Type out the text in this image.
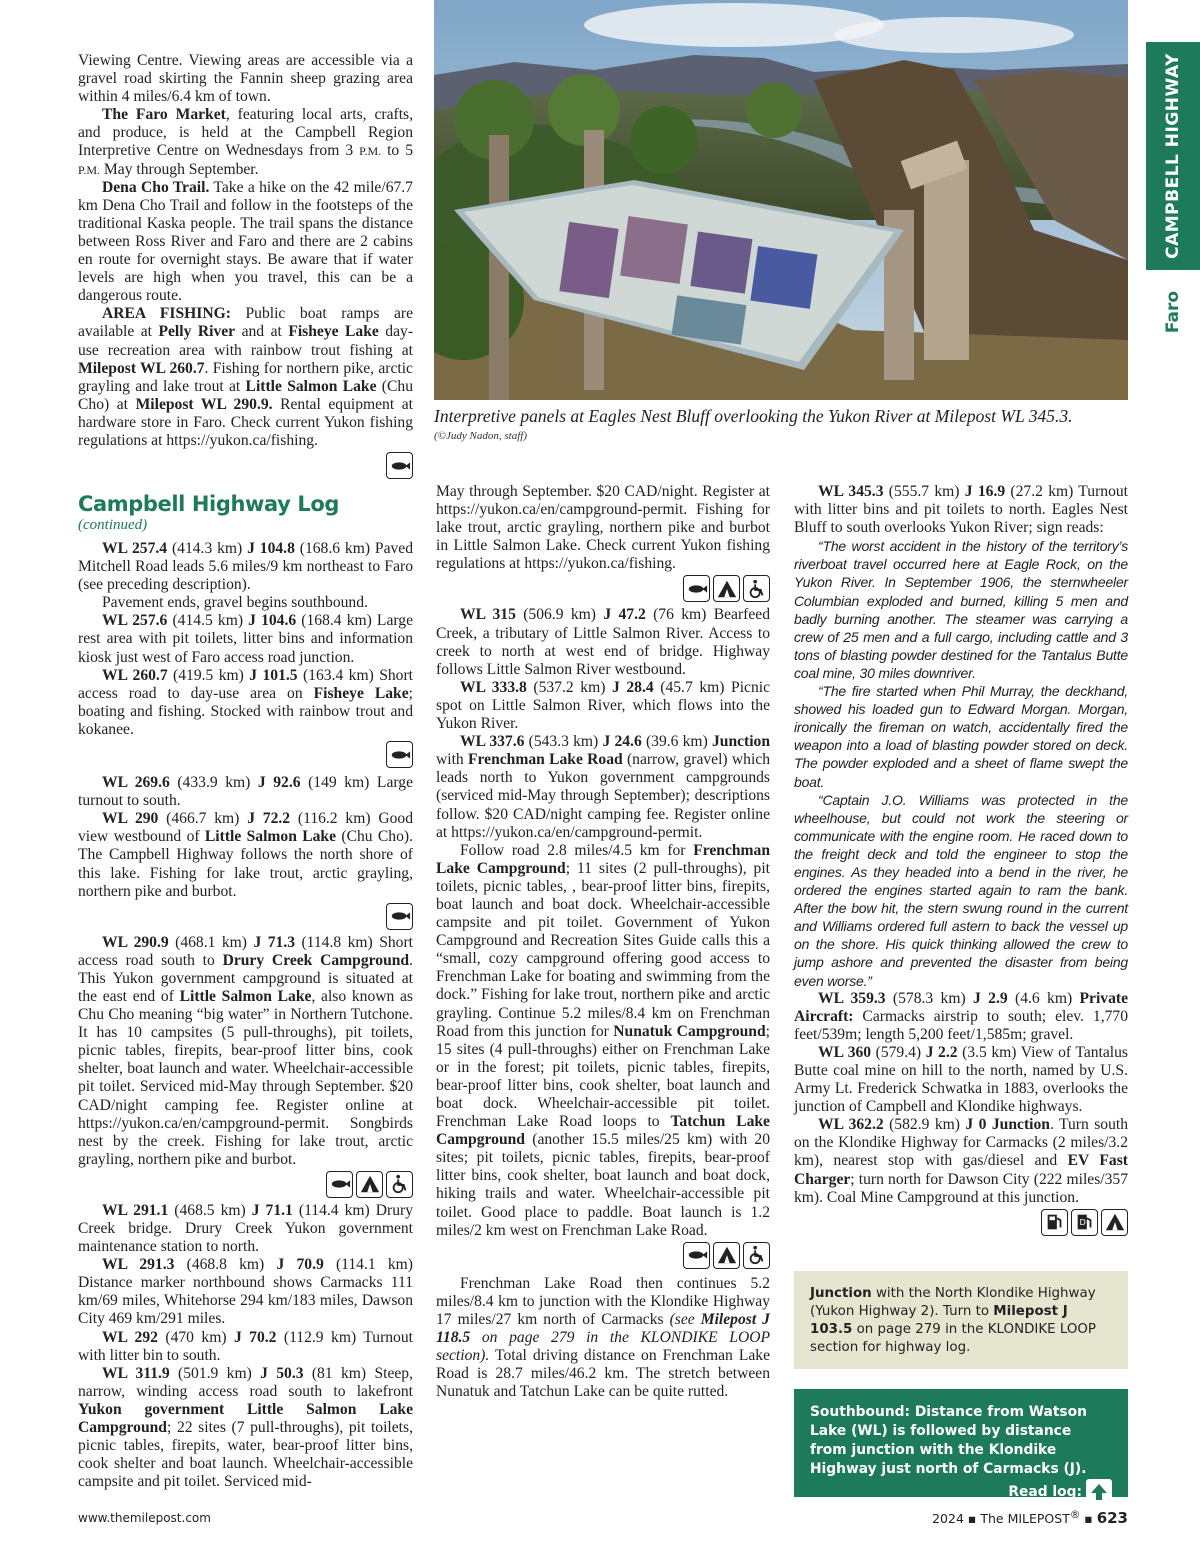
CAMPBELL HIGHWAY
Faro
Interpretive panels at Eagles Nest Bluff overlooking the Yukon River at Milepost WL 345.3.
(©Judy Nadon, staff)

Viewing Centre. Viewing areas are accessible via a gravel road skirting the Fannin sheep grazing area within 4 miles/6.4 km of town.

The Faro Market, featuring local arts, crafts, and produce, is held at the Campbell Region Interpretive Centre on Wednesdays from 3 P.M. to 5 P.M. May through September.

Dena Cho Trail. Take a hike on the 42 mile/67.7 km Dena Cho Trail and follow in the footsteps of the traditional Kaska people. The trail spans the distance between Ross River and Faro and there are 2 cabins en route for overnight stays. Be aware that if water levels are high when you travel, this can be a dangerous route.

AREA FISHING: Public boat ramps are available at Pelly River and at Fisheye Lake day-use recreation area with rainbow trout fishing at Milepost WL 260.7. Fishing for northern pike, arctic grayling and lake trout at Little Salmon Lake (Chu Cho) at Milepost WL 290.9. Rental equipment at hardware store in Faro. Check current Yukon fishing regulations at https://yukon.ca/fishing.

Campbell Highway Log
(continued)

WL 257.4 (414.3 km) J 104.8 (168.6 km) Paved Mitchell Road leads 5.6 miles/9 km northeast to Faro (see preceding description).

Pavement ends, gravel begins southbound.

WL 257.6 (414.5 km) J 104.6 (168.4 km) Large rest area with pit toilets, litter bins and information kiosk just west of Faro access road junction.

WL 260.7 (419.5 km) J 101.5 (163.4 km) Short access road to day-use area on Fisheye Lake; boating and fishing. Stocked with rainbow trout and kokanee.

WL 269.6 (433.9 km) J 92.6 (149 km) Large turnout to south.

WL 290 (466.7 km) J 72.2 (116.2 km) Good view westbound of Little Salmon Lake (Chu Cho). The Campbell Highway follows the north shore of this lake. Fishing for lake trout, arctic grayling, northern pike and burbot.

WL 290.9 (468.1 km) J 71.3 (114.8 km) Short access road south to Drury Creek Campground. This Yukon government campground is situated at the east end of Little Salmon Lake, also known as Chu Cho meaning “big water” in Northern Tutchone. It has 10 campsites (5 pull-throughs), pit toilets, picnic tables, firepits, bear-proof litter bins, cook shelter, boat launch and water. Wheelchair-accessible pit toilet. Serviced mid-May through September. $20 CAD/night camping fee. Register online at https://yukon.ca/en/campground-permit. Songbirds nest by the creek. Fishing for lake trout, arctic grayling, northern pike and burbot.

WL 291.1 (468.5 km) J 71.1 (114.4 km) Drury Creek bridge. Drury Creek Yukon government maintenance station to north.

WL 291.3 (468.8 km) J 70.9 (114.1 km) Distance marker northbound shows Carmacks 111 km/69 miles, Whitehorse 294 km/183 miles, Dawson City 469 km/291 miles.

WL 292 (470 km) J 70.2 (112.9 km) Turnout with litter bin to south.

WL 311.9 (501.9 km) J 50.3 (81 km) Steep, narrow, winding access road south to lakefront Yukon government Little Salmon Lake Campground; 22 sites (7 pull-throughs), pit toilets, picnic tables, firepits, water, bear-proof litter bins, cook shelter and boat launch. Wheelchair-accessible campsite and pit toilet. Serviced mid-

May through September. $20 CAD/night. Register at https://yukon.ca/en/campground-permit. Fishing for lake trout, arctic grayling, northern pike and burbot in Little Salmon Lake. Check current Yukon fishing regulations at https://yukon.ca/fishing.

WL 315 (506.9 km) J 47.2 (76 km) Bearfeed Creek, a tributary of Little Salmon River. Access to creek to north at west end of bridge. Highway follows Little Salmon River westbound.

WL 333.8 (537.2 km) J 28.4 (45.7 km) Picnic spot on Little Salmon River, which flows into the Yukon River.

WL 337.6 (543.3 km) J 24.6 (39.6 km) Junction with Frenchman Lake Road (narrow, gravel) which leads north to Yukon government campgrounds (serviced mid-May through September); descriptions follow. $20 CAD/night camping fee. Register online at https://yukon.ca/en/campground-permit.

Follow road 2.8 miles/4.5 km for Frenchman Lake Campground; 11 sites (2 pull-throughs), pit toilets, picnic tables, , bear-proof litter bins, firepits, boat launch and boat dock. Wheelchair-accessible campsite and pit toilet. Government of Yukon Campground and Recreation Sites Guide calls this a “small, cozy campground offering good access to Frenchman Lake for boating and swimming from the dock.” Fishing for lake trout, northern pike and arctic grayling. Continue 5.2 miles/8.4 km on Frenchman Road from this junction for Nunatuk Campground; 15 sites (4 pull-throughs) either on Frenchman Lake or in the forest; pit toilets, picnic tables, firepits, bear-proof litter bins, cook shelter, boat launch and boat dock. Wheelchair-accessible pit toilet. Frenchman Lake Road loops to Tatchun Lake Campground (another 15.5 miles/25 km) with 20 sites; pit toilets, picnic tables, firepits, bear-proof litter bins, cook shelter, boat launch and boat dock, hiking trails and water. Wheelchair-accessible pit toilet. Good place to paddle. Boat launch is 1.2 miles/2 km west on Frenchman Lake Road.

Frenchman Lake Road then continues 5.2 miles/8.4 km to junction with the Klondike Highway 17 miles/27 km north of Carmacks (see Milepost J 118.5 on page 279 in the KLONDIKE LOOP section). Total driving distance on Frenchman Lake Road is 28.7 miles/46.2 km. The stretch between Nunatuk and Tatchun Lake can be quite rutted.

WL 345.3 (555.7 km) J 16.9 (27.2 km) Turnout with litter bins and pit toilets to north. Eagles Nest Bluff to south overlooks Yukon River; sign reads:

“The worst accident in the history of the territory’s riverboat travel occurred here at Eagle Rock, on the Yukon River. In September 1906, the sternwheeler Columbian exploded and burned, killing 5 men and badly burning another. The steamer was carrying a crew of 25 men and a full cargo, including cattle and 3 tons of blasting powder destined for the Tantalus Butte coal mine, 30 miles downriver.

“The fire started when Phil Murray, the deckhand, showed his loaded gun to Edward Morgan. Morgan, ironically the fireman on watch, accidentally fired the weapon into a load of blasting powder stored on deck. The powder exploded and a sheet of flame swept the boat.

“Captain J.O. Williams was protected in the wheelhouse, but could not work the steering or communicate with the engine room. He raced down to the freight deck and told the engineer to stop the engines. As they headed into a bend in the river, he ordered the engines started again to ram the bank. After the bow hit, the stern swung round in the current and Williams ordered full astern to back the vessel up on the shore. His quick thinking allowed the crew to jump ashore and prevented the disaster from being even worse.”

WL 359.3 (578.3 km) J 2.9 (4.6 km) Private Aircraft: Carmacks airstrip to south; elev. 1,770 feet/539m; length 5,200 feet/1,585m; gravel.

WL 360 (579.4) J 2.2 (3.5 km) View of Tantalus Butte coal mine on hill to the north, named by U.S. Army Lt. Frederick Schwatka in 1883, overlooks the junction of Campbell and Klondike highways.

WL 362.2 (582.9 km) J 0 Junction. Turn south on the Klondike Highway for Carmacks (2 miles/3.2 km), nearest stop with gas/diesel and EV Fast Charger; turn north for Dawson City (222 miles/357 km). Coal Mine Campground at this junction.

D
Junction with the North Klondike Highway (Yukon Highway 2). Turn to Milepost J 103.5 on page 279 in the KLONDIKE LOOP section for highway log.
Southbound: Distance from Watson Lake (WL) is followed by distance from junction with the Klondike Highway just north of Carmacks (J).
Read log:
www.themilepost.com	2024 ▪ The MILEPOST® ▪ 623
